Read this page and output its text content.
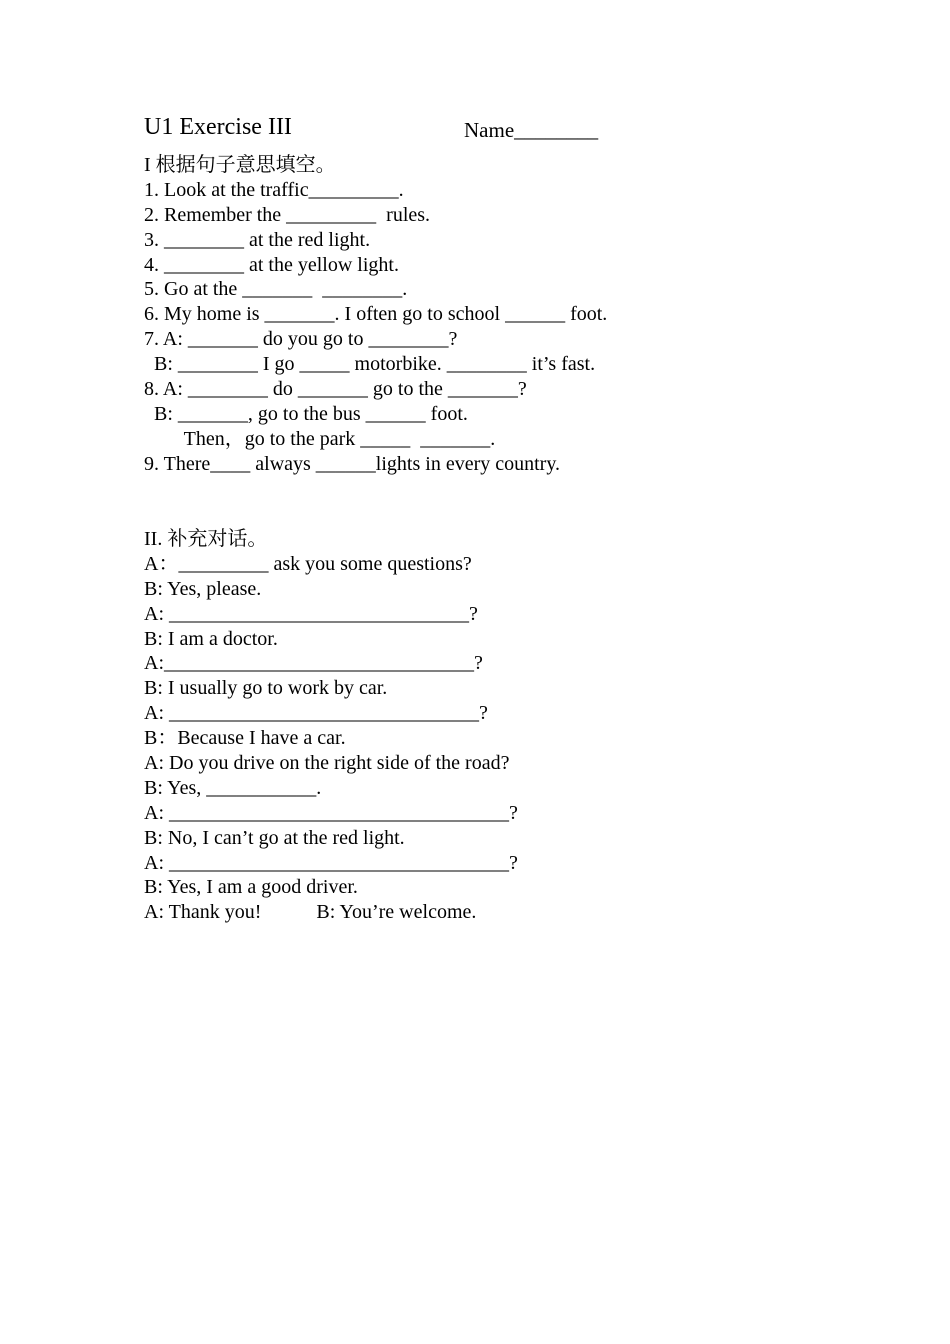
U1 Exercise III	Name________
I 根据句子意思填空。
1. Look at the traffic_________.
2. Remember the _________  rules.
3. ________ at the red light.
4. ________ at the yellow light.
5. Go at the _______  ________.
6. My home is _______. I often go to school ______ foot.
7. A: _______ do you go to ________?
B: ________ I go _____ motorbike. ________ it’s fast.
8. A: ________ do _______ go to the _______?
B: _______, go to the bus ______ foot.
Then，go to the park _____  _______.
9. There____ always ______lights in every country.
II. 补充对话。
A：_________ ask you some questions?
B: Yes, please.
A: ______________________________?
B: I am a doctor.
A:_______________________________?
B: I usually go to work by car.
A: _______________________________?
B：Because I have a car.
A: Do you drive on the right side of the road?
B: Yes, ___________.
A: __________________________________?
B: No, I can’t go at the red light.
A: __________________________________?
B: Yes, I am a good driver.
A: Thank you!           B: You’re welcome.
